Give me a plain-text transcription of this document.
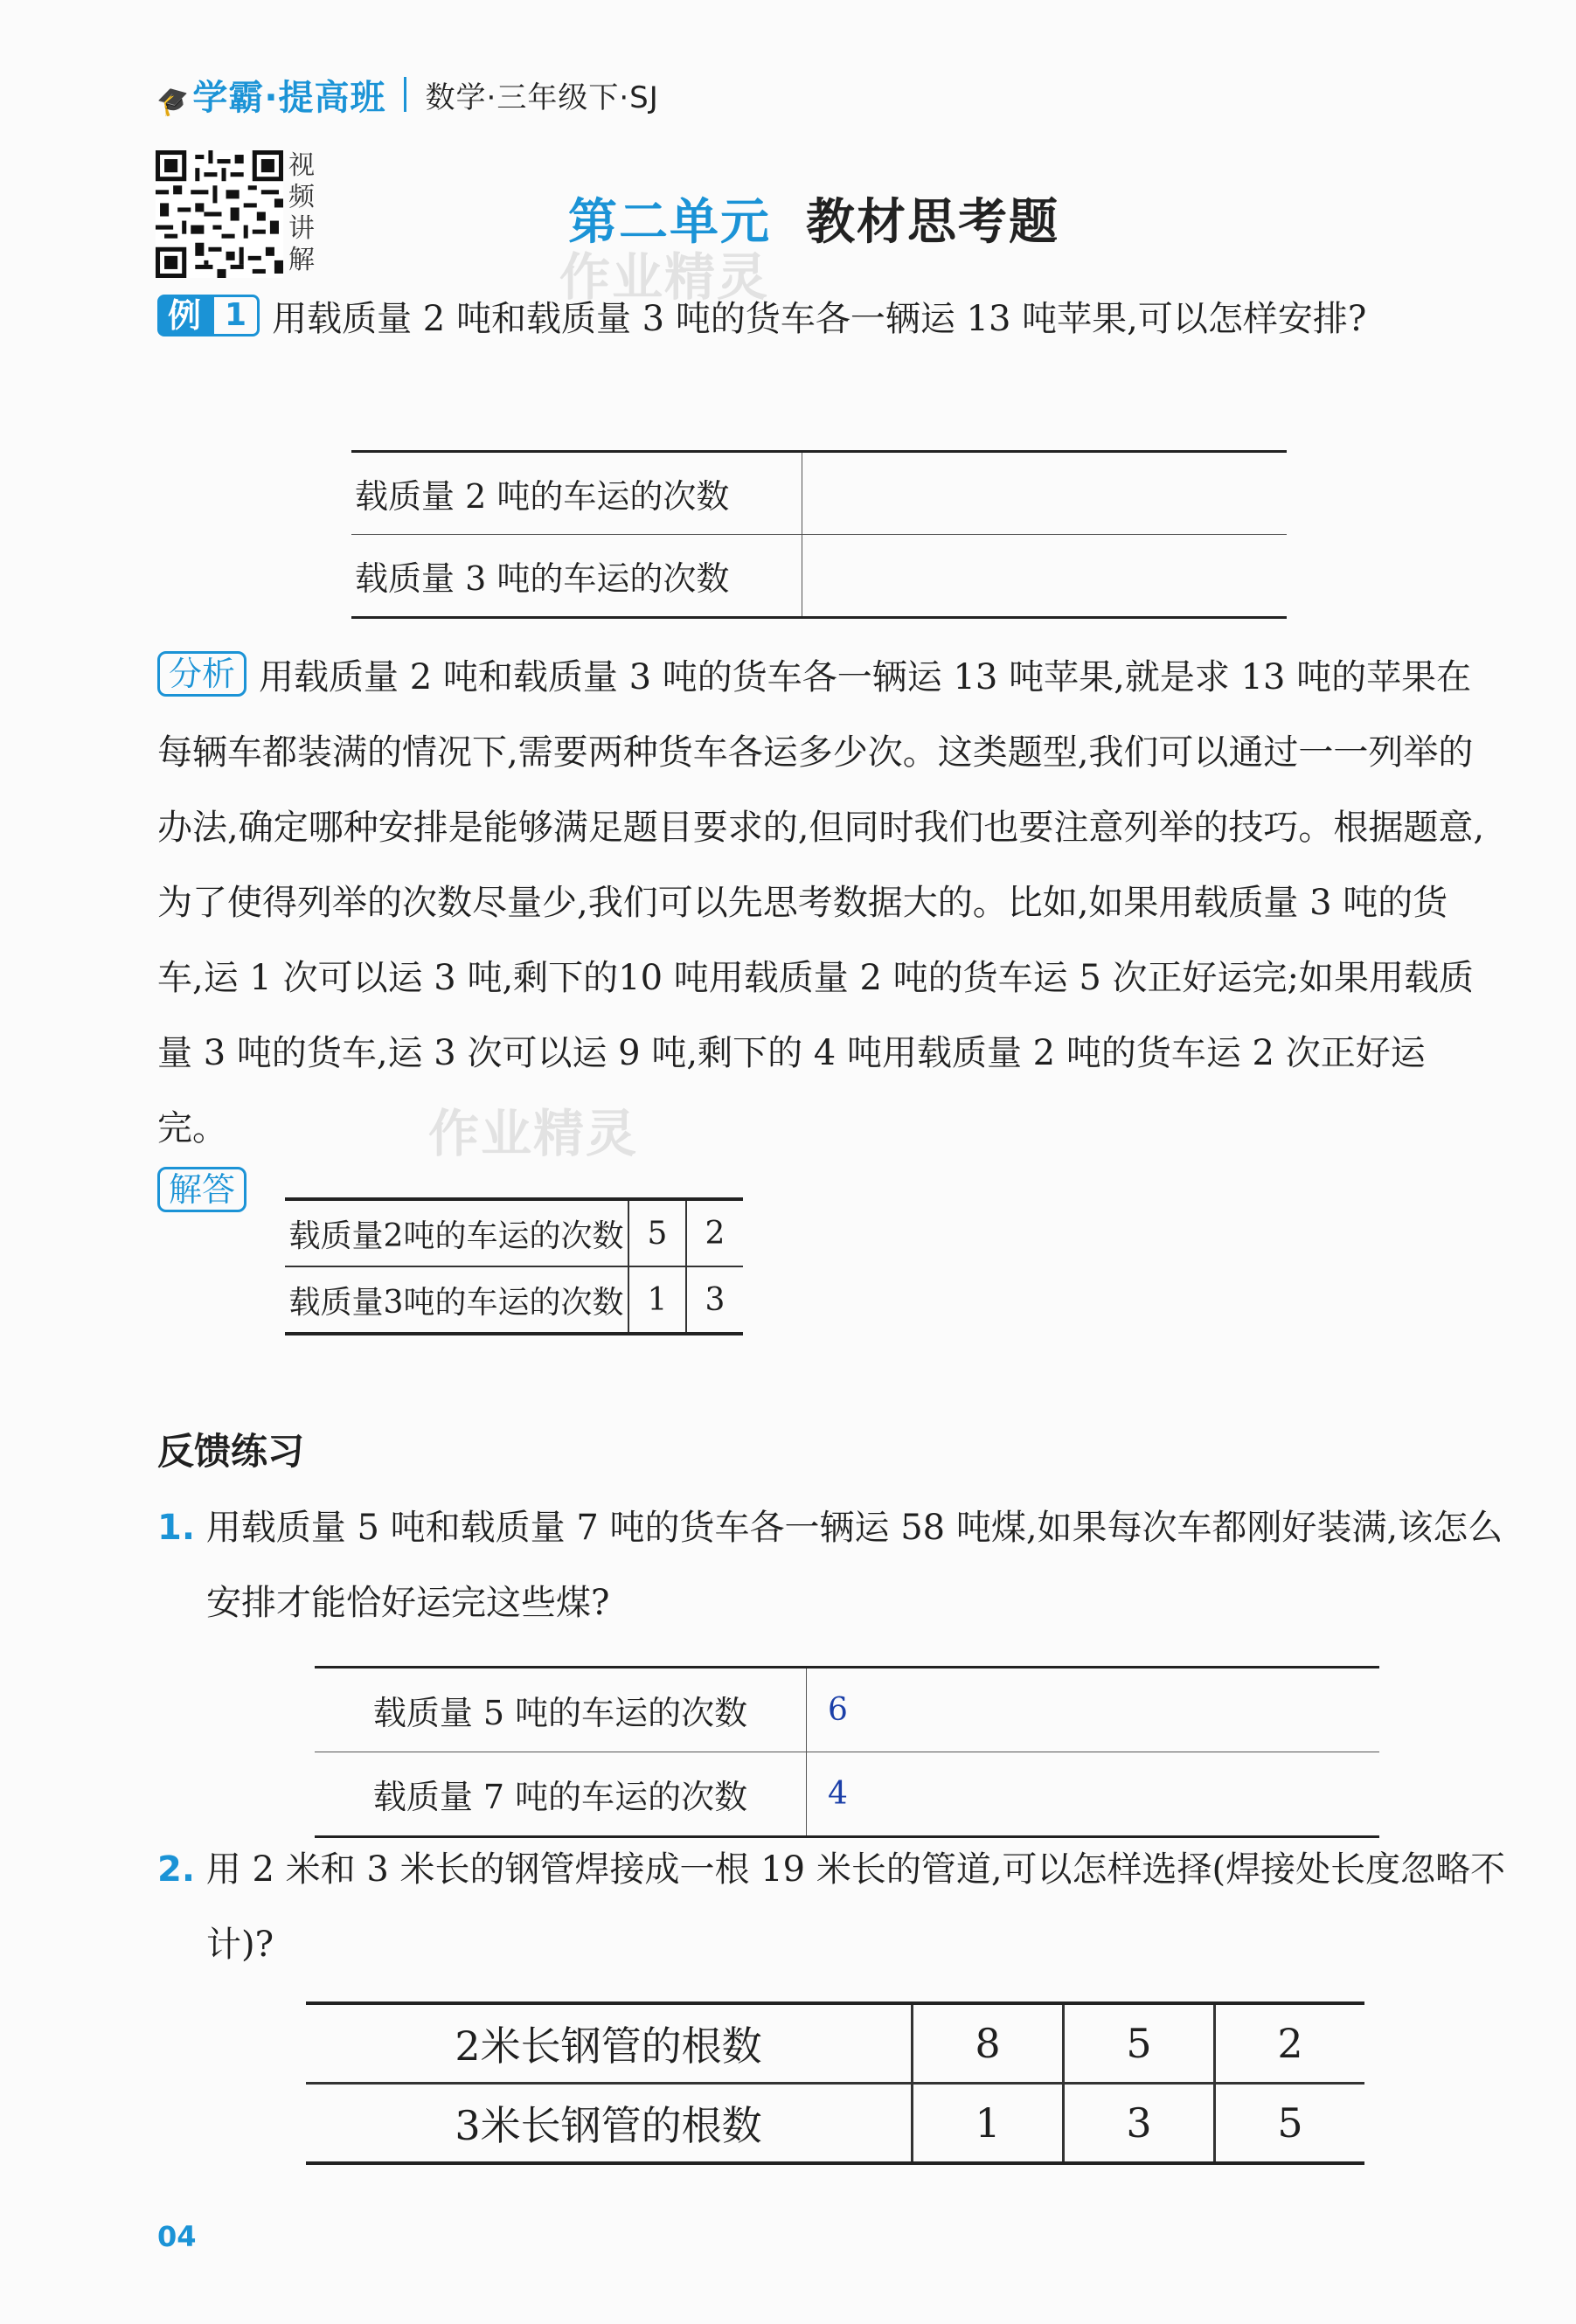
🎓学霸·提高班 数学·三年级下·SJ
视频讲解
第二单元 教材思考题
作业精灵
例 1 用载质量 2 吨和载质量 3 吨的货车各一辆运 13 吨苹果,可以怎样安排?
载质量 2 吨的车运的次数	
载质量 3 吨的车运的次数	
分析 用载质量 2 吨和载质量 3 吨的货车各一辆运 13 吨苹果,就是求 13 吨的苹果在每辆车都装满的情况下,需要两种货车各运多少次。这类题型,我们可以通过一一列举的办法,确定哪种安排是能够满足题目要求的,但同时我们也要注意列举的技巧。根据题意,为了使得列举的次数尽量少,我们可以先思考数据大的。比如,如果用载质量 3 吨的货车,运 1 次可以运 3 吨,剩下的10 吨用载质量 2 吨的货车运 5 次正好运完;如果用载质量 3 吨的货车,运 3 次可以运 9 吨,剩下的 4 吨用载质量 2 吨的货车运 2 次正好运完。	作业精灵
解答
载质量2吨的车运的次数	5	2
载质量3吨的车运的次数	1	3
反馈练习
1. 用载质量 5 吨和载质量 7 吨的货车各一辆运 58 吨煤,如果每次车都刚好装满,该怎么安排才能恰好运完这些煤?
载质量 5 吨的车运的次数	6
载质量 7 吨的车运的次数	4
2. 用 2 米和 3 米长的钢管焊接成一根 19 米长的管道,可以怎样选择(焊接处长度忽略不计)?
2米长钢管的根数	8	5	2
3米长钢管的根数	1	3	5
04
